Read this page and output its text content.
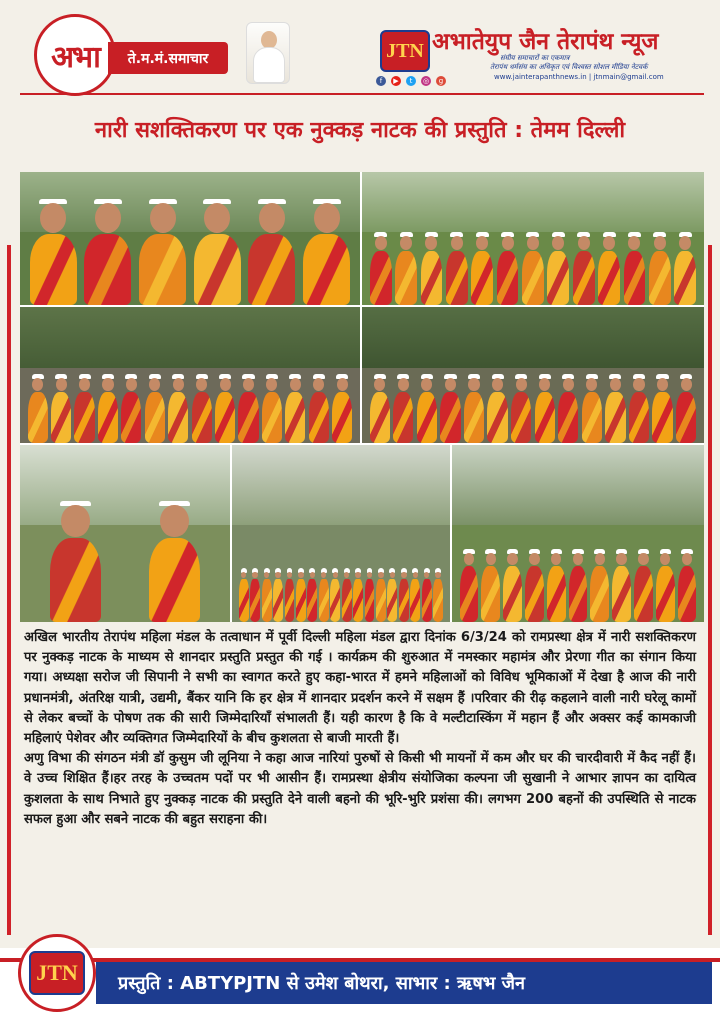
अभा	ते.म.मं.समाचार	JTN
f	▶	t	◎	g
अभातेयुप जैन तेरापंथ न्यूज
संघीय समाचारों का एकमात्र
तेरापंथ धर्मसंघ का अधिकृत एवं विश्वस्त सोशल मीडिया नेटवर्क
www.jainterapanthnews.in | jtnmain@gmail.com
नारी सशक्तिकरण पर एक नुक्कड़ नाटक की प्रस्तुति : तेमम दिल्ली

अखिल भारतीय तेरापंथ महिला मंडल के तत्वाधान में पूर्वी दिल्ली महिला मंडल द्वारा दिनांक 6/3/24 को रामप्रस्था क्षेत्र में नारी सशक्तिकरण पर नुक्कड़ नाटक के माध्यम से शानदार प्रस्तुति प्रस्तुत की गई । कार्यक्रम की शुरुआत में नमस्कार महामंत्र और प्रेरणा गीत का संगान किया गया। अध्यक्षा सरोज जी सिपानी ने सभी का स्वागत करते हुए कहा-भारत में हमने महिलाओं को विविध भूमिकाओं में देखा है आज की नारी प्रधानमंत्री, अंतरिक्ष यात्री, उद्यमी, बैंकर यानि कि हर क्षेत्र में शानदार प्रदर्शन करने में सक्षम हैं ।परिवार की रीढ़ कहलाने वाली नारी घरेलू कामों से लेकर बच्चों के पोषण तक की सारी जिम्मेदारियाँ संभालती हैं। यही कारण है कि वे मल्टीटास्किंग में महान हैं और अक्सर कई कामकाजी महिलाएं पेशेवर और व्यक्तिगत जिम्मेदारियों के बीच कुशलता से बाजी मारती हैं।

अणु विभा की संगठन मंत्री डॉ कुसुम जी लूनिया ने कहा आज नारियां पुरुषों से किसी भी मायनों में कम और घर की चारदीवारी में कैद नहीं हैं। वे उच्च शिक्षित हैं।हर तरह के उच्चतम पदों पर भी आसीन हैं। रामप्रस्था क्षेत्रीय संयोजिका कल्पना जी सुखानी ने आभार ज्ञापन का दायित्व कुशलता के साथ निभाते हुए नुक्कड़ नाटक की प्रस्तुति देने वाली बहनो की भूरि-भुरि प्रशंसा की। लगभग 200 बहनों की उपस्थिति से नाटक सफल हुआ और सबने नाटक की बहुत सराहना की।

प्रस्तुति : ABTYPJTN से उमेश बोथरा, साभार : ऋषभ जैन
JTN
